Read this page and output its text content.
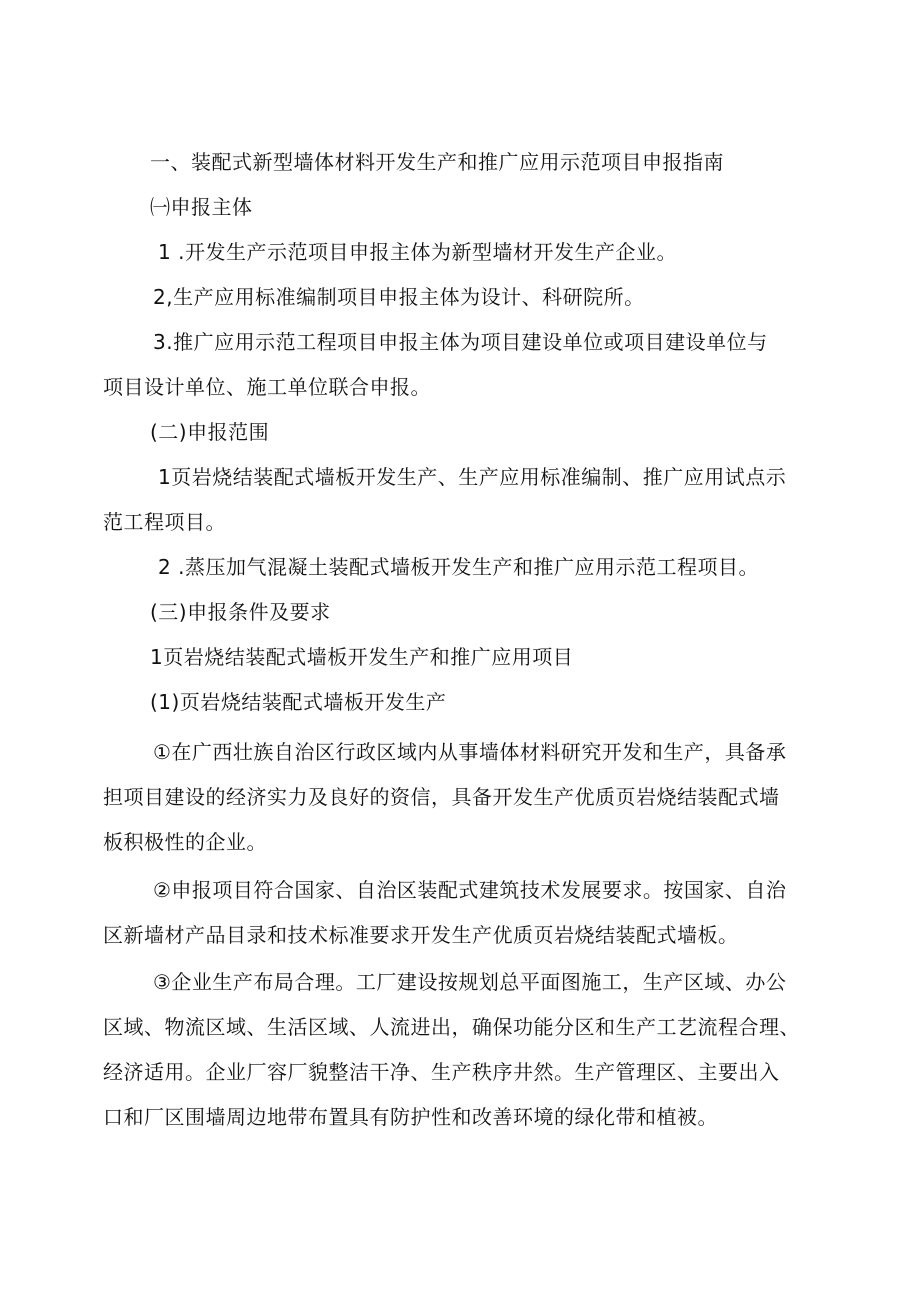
一、装配式新型墙体材料开发生产和推广应用示范项目申报指南
㈠申报主体
1 .开发生产示范项目申报主体为新型墙材开发生产企业。
2,生产应用标准编制项目申报主体为设计、科研院所。
3.推广应用示范工程项目申报主体为项目建设单位或项目建设单位与
项目设计单位、施工单位联合申报。
(二)申报范围
1页岩烧结装配式墙板开发生产、生产应用标准编制、推广应用试点示
范工程项目。
2 .蒸压加气混凝土装配式墙板开发生产和推广应用示范工程项目。
(三)申报条件及要求
1页岩烧结装配式墙板开发生产和推广应用项目
(1)页岩烧结装配式墙板开发生产
①在广西壮族自治区行政区域内从事墙体材料研究开发和生产，具备承
担项目建设的经济实力及良好的资信，具备开发生产优质页岩烧结装配式墙
板积极性的企业。
②申报项目符合国家、自治区装配式建筑技术发展要求。按国家、自治
区新墙材产品目录和技术标准要求开发生产优质页岩烧结装配式墙板。
③企业生产布局合理。工厂建设按规划总平面图施工，生产区域、办公
区域、物流区域、生活区域、人流进出，确保功能分区和生产工艺流程合理、
经济适用。企业厂容厂貌整洁干净、生产秩序井然。生产管理区、主要出入
口和厂区围墙周边地带布置具有防护性和改善环境的绿化带和植被。
